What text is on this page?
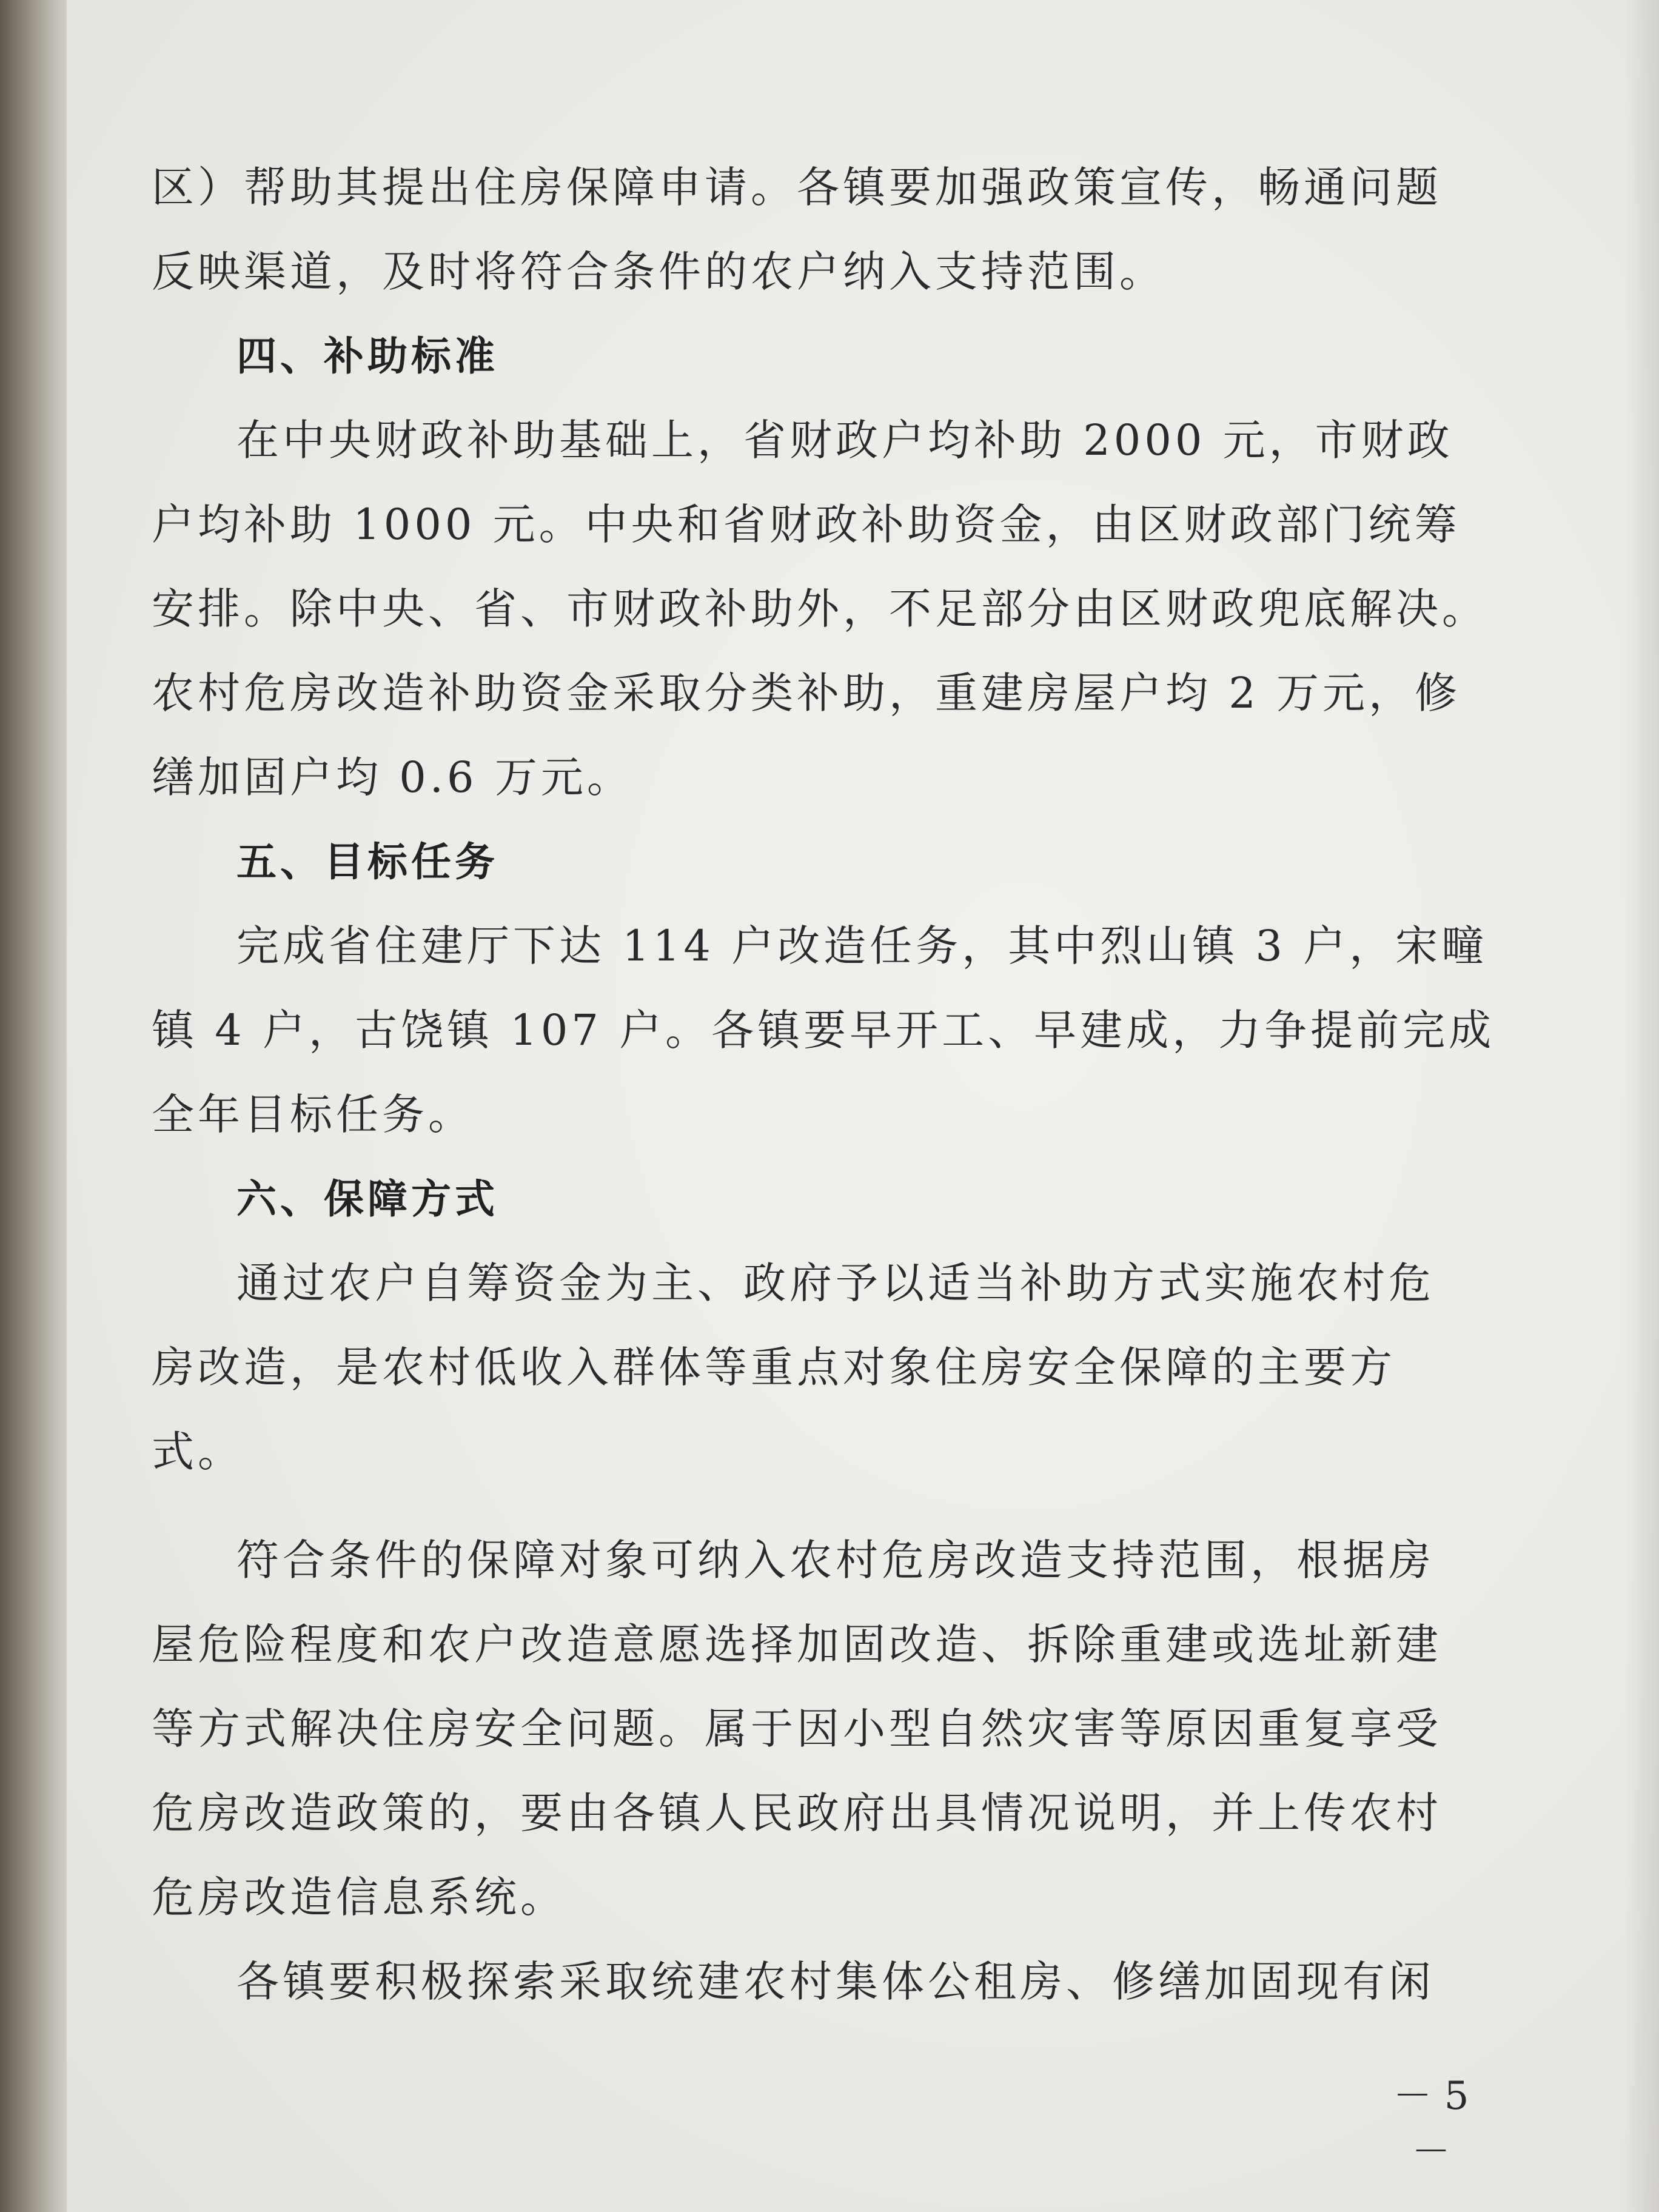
区）帮助其提出住房保障申请。各镇要加强政策宣传，畅通问题
反映渠道，及时将符合条件的农户纳入支持范围。
四、补助标准
在中央财政补助基础上，省财政户均补助 2000 元，市财政
户均补助 1000 元。中央和省财政补助资金，由区财政部门统筹
安排。除中央、省、市财政补助外，不足部分由区财政兜底解决。
农村危房改造补助资金采取分类补助，重建房屋户均 2 万元，修
缮加固户均 0.6 万元。
五、目标任务
完成省住建厅下达 114 户改造任务，其中烈山镇 3 户，宋疃
镇 4 户，古饶镇 107 户。各镇要早开工、早建成，力争提前完成
全年目标任务。
六、保障方式
通过农户自筹资金为主、政府予以适当补助方式实施农村危
房改造，是农村低收入群体等重点对象住房安全保障的主要方
式。
符合条件的保障对象可纳入农村危房改造支持范围，根据房
屋危险程度和农户改造意愿选择加固改造、拆除重建或选址新建
等方式解决住房安全问题。属于因小型自然灾害等原因重复享受
危房改造政策的，要由各镇人民政府出具情况说明，并上传农村
危房改造信息系统。
各镇要积极探索采取统建农村集体公租房、修缮加固现有闲
－ 5 －
